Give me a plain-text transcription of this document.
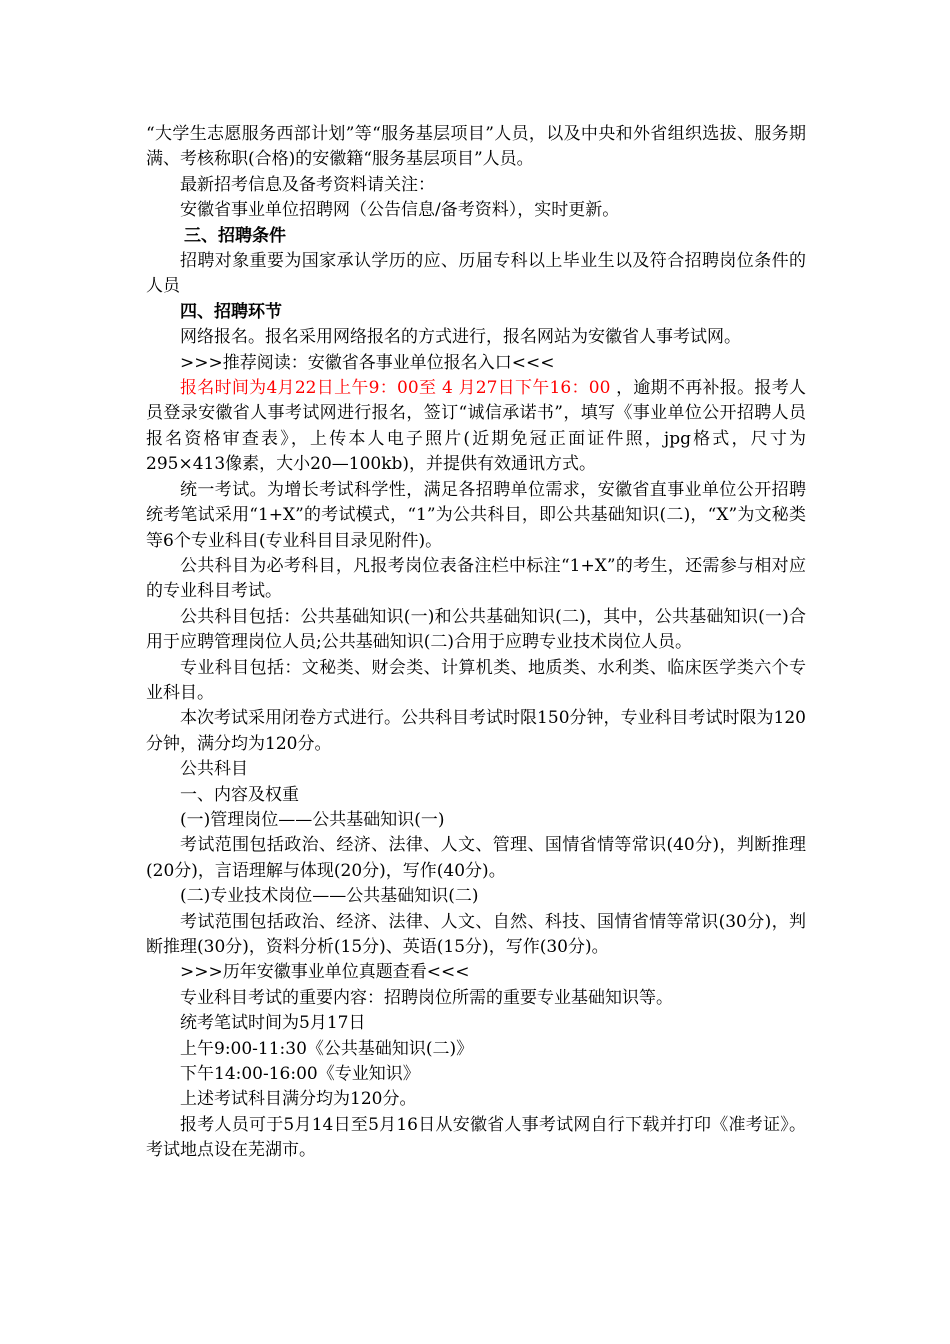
“大学生志愿服务西部计划”等“服务基层项目”人员，以及中央和外省组织选拔、服务期满、考核称职(合格)的安徽籍“服务基层项目”人员。

最新招考信息及备考资料请关注：

安徽省事业单位招聘网（公告信息/备考资料），实时更新。

三、招聘条件

招聘对象重要为国家承认学历的应、历届专科以上毕业生以及符合招聘岗位条件的人员

四、招聘环节

网络报名。报名采用网络报名的方式进行，报名网站为安徽省人事考试网。

>>>推荐阅读：安徽省各事业单位报名入口<<<

报名时间为4月22日上午9：00至 4 月27日下午16：00 ，逾期不再补报。报考人员登录安徽省人事考试网进行报名，签订“诚信承诺书”，填写《事业单位公开招聘人员报名资格审查表》，上传本人电子照片(近期免冠正面证件照，jpg格式，尺寸为295×413像素，大小20—100kb)，并提供有效通讯方式。

统一考试。为增长考试科学性，满足各招聘单位需求，安徽省直事业单位公开招聘统考笔试采用“1+X”的考试模式，“1”为公共科目，即公共基础知识(二)，“X”为文秘类等6个专业科目(专业科目目录见附件)。

公共科目为必考科目，凡报考岗位表备注栏中标注“1+X”的考生，还需参与相对应的专业科目考试。

公共科目包括：公共基础知识(一)和公共基础知识(二)，其中，公共基础知识(一)合用于应聘管理岗位人员;公共基础知识(二)合用于应聘专业技术岗位人员。

专业科目包括：文秘类、财会类、计算机类、地质类、水利类、临床医学类六个专业科目。

本次考试采用闭卷方式进行。公共科目考试时限150分钟，专业科目考试时限为120分钟，满分均为120分。

公共科目

一、内容及权重

(一)管理岗位——公共基础知识(一)

考试范围包括政治、经济、法律、人文、管理、国情省情等常识(40分)，判断推理(20分)，言语理解与体现(20分)，写作(40分)。

(二)专业技术岗位——公共基础知识(二)

考试范围包括政治、经济、法律、人文、自然、科技、国情省情等常识(30分)，判断推理(30分)，资料分析(15分)、英语(15分)，写作(30分)。

>>>历年安徽事业单位真题查看<<<

专业科目考试的重要内容：招聘岗位所需的重要专业基础知识等。

统考笔试时间为5月17日

上午9:00-11:30《公共基础知识(二)》

下午14:00-16:00《专业知识》

上述考试科目满分均为120分。

报考人员可于5月14日至5月16日从安徽省人事考试网自行下载并打印《准考证》。考试地点设在芜湖市。
